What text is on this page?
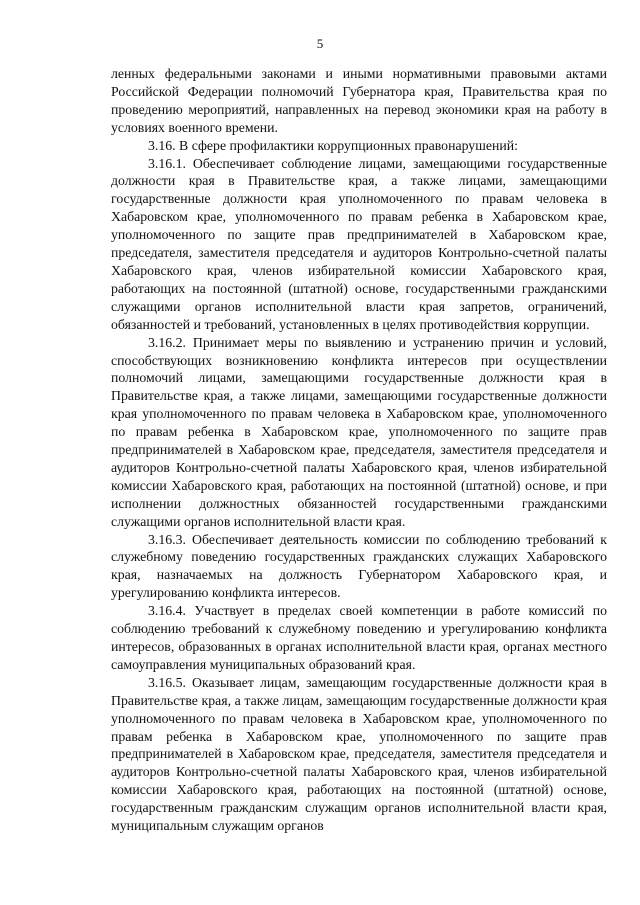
5

ленных федеральными законами и иными нормативными правовыми актами Российской Федерации полномочий Губернатора края, Правительства края по проведению мероприятий, направленных на перевод экономики края на работу в условиях военного времени.

3.16. В сфере профилактики коррупционных правонарушений:

3.16.1. Обеспечивает соблюдение лицами, замещающими государственные должности края в Правительстве края, а также лицами, замещающими государственные должности края уполномоченного по правам человека в Хабаровском крае, уполномоченного по правам ребенка в Хабаровском крае, уполномоченного по защите прав предпринимателей в Хабаровском крае, председателя, заместителя председателя и аудиторов Контрольно-счетной палаты Хабаровского края, членов избирательной комиссии Хабаровского края, работающих на постоянной (штатной) основе, государственными гражданскими служащими органов исполнительной власти края запретов, ограничений, обязанностей и требований, установленных в целях противодействия коррупции.

3.16.2. Принимает меры по выявлению и устранению причин и условий, способствующих возникновению конфликта интересов при осуществлении полномочий лицами, замещающими государственные должности края в Правительстве края, а также лицами, замещающими государственные должности края уполномоченного по правам человека в Хабаровском крае, уполномоченного по правам ребенка в Хабаровском крае, уполномоченного по защите прав предпринимателей в Хабаровском крае, председателя, заместителя председателя и аудиторов Контрольно-счетной палаты Хабаровского края, членов избирательной комиссии Хабаровского края, работающих на постоянной (штатной) основе, и при исполнении должностных обязанностей государственными гражданскими служащими органов исполнительной власти края.

3.16.3. Обеспечивает деятельность комиссии по соблюдению требований к служебному поведению государственных гражданских служащих Хабаровского края, назначаемых на должность Губернатором Хабаровского края, и урегулированию конфликта интересов.

3.16.4. Участвует в пределах своей компетенции в работе комиссий по соблюдению требований к служебному поведению и урегулированию конфликта интересов, образованных в органах исполнительной власти края, органах местного самоуправления муниципальных образований края.

3.16.5. Оказывает лицам, замещающим государственные должности края в Правительстве края, а также лицам, замещающим государственные должности края уполномоченного по правам человека в Хабаровском крае, уполномоченного по правам ребенка в Хабаровском крае, уполномоченного по защите прав предпринимателей в Хабаровском крае, председателя, заместителя председателя и аудиторов Контрольно-счетной палаты Хабаровского края, членов избирательной комиссии Хабаровского края, работающих на постоянной (штатной) основе, государственным гражданским служащим органов исполнительной власти края, муниципальным служащим органов
